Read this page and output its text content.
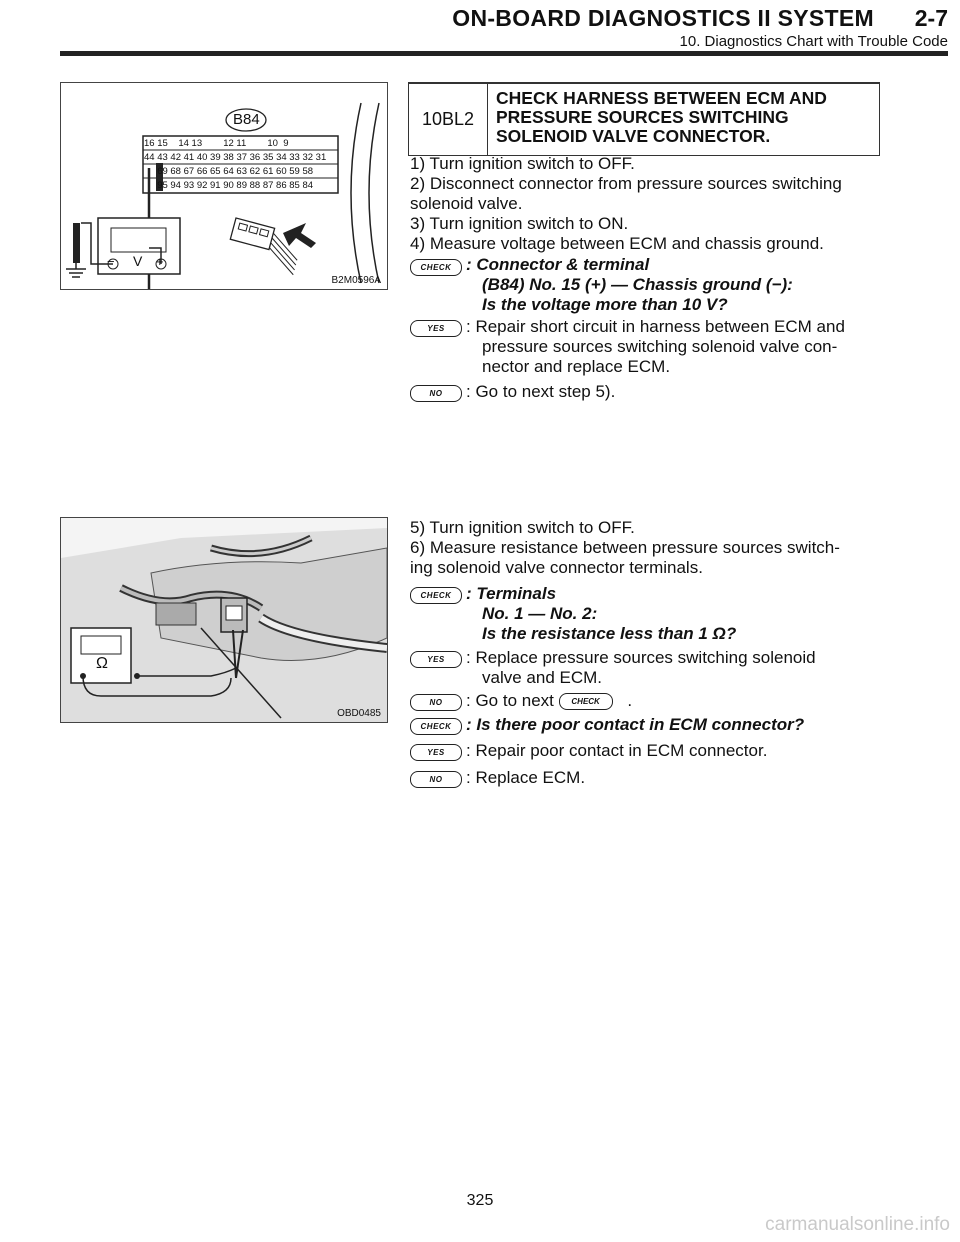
ON-BOARD DIAGNOSTICS II SYSTEM 2-7
10. Diagnostics Chart with Trouble Code
B84
16 15    14 13        12 11        10  9
44 43 42 41 40 39 38 37 36 35 34 33 32 31
69 68 67 66 65 64 63 62 61 60 59 58
95 94 93 92 91 90 89 88 87 86 85 84
− V +
B2M0596A
Ω
OBD0485
10BL2
CHECK HARNESS BETWEEN ECM AND
PRESSURE SOURCES SWITCHING
SOLENOID VALVE CONNECTOR.
1) Turn ignition switch to OFF.
2) Disconnect connector from pressure sources switching
solenoid valve.
3) Turn ignition switch to ON.
4) Measure voltage between ECM and chassis ground.
CHECK : Connector & terminal
(B84) No. 15 (+) — Chassis ground (−):
Is the voltage more than 10 V?
YES	: Repair short circuit in harness between ECM and
pressure sources switching solenoid valve con-
nector and replace ECM.
NO	: Go to next step 5).
5) Turn ignition switch to OFF.
6) Measure resistance between pressure sources switch-
ing solenoid valve connector terminals.
CHECK : Terminals
No. 1 — No. 2:
Is the resistance less than 1 Ω?
YES	: Replace pressure sources switching solenoid
valve and ECM.
NO	: Go to next CHECK .
CHECK : Is there poor contact in ECM connector?
YES	: Repair poor contact in ECM connector.
NO	: Replace ECM.
325
carmanualsonline.info
